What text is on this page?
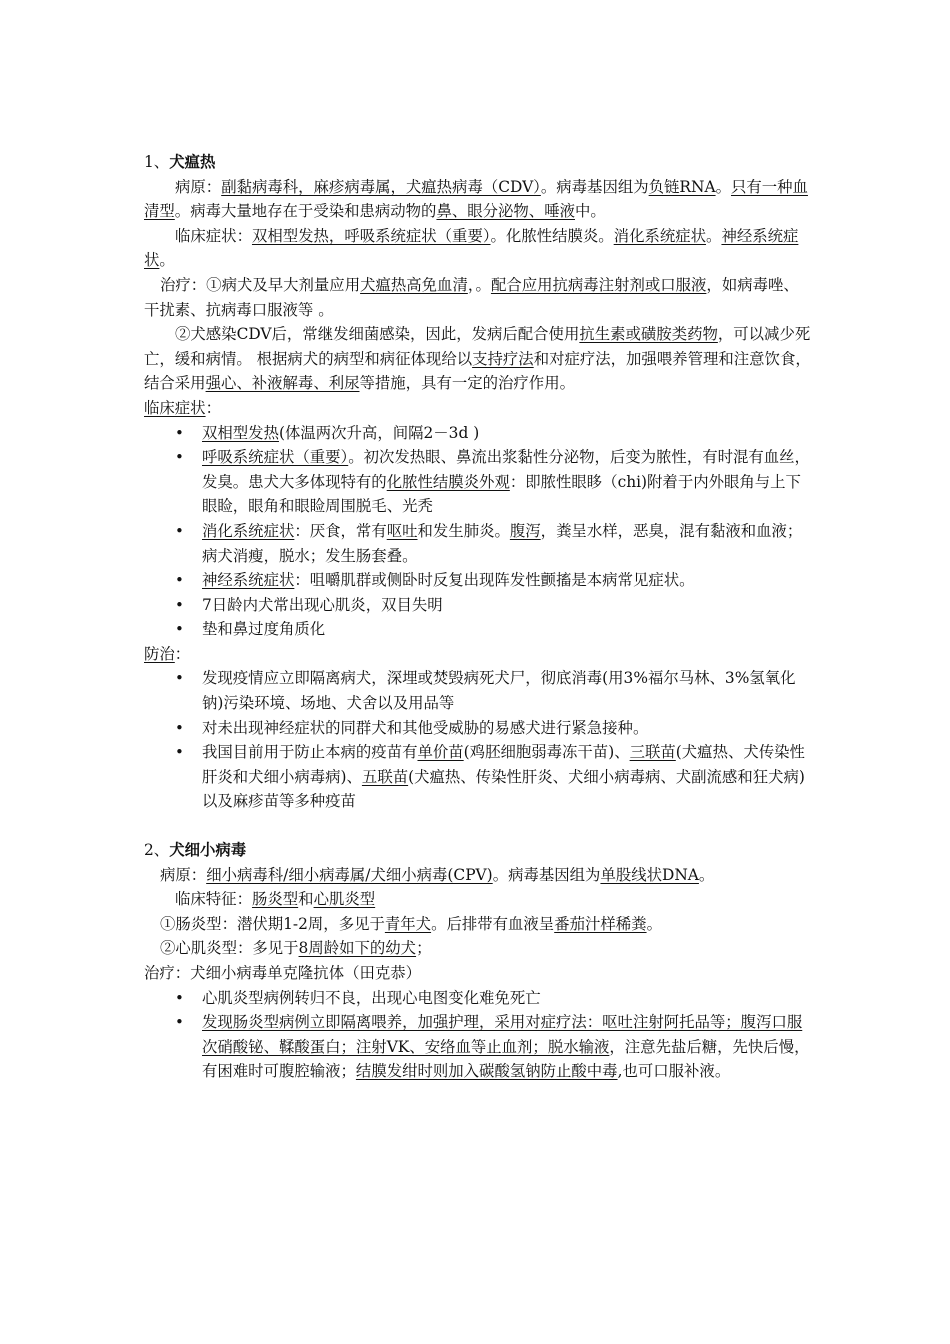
1、犬瘟热

病原：副黏病毒科，麻疹病毒属，犬瘟热病毒（CDV）。病毒基因组为负链RNA。只有一种血清型。病毒大量地存在于受染和患病动物的鼻、眼分泌物、唾液中。

临床症状：双相型发热，呼吸系统症状（重要）。化脓性结膜炎。消化系统症状。神经系统症状。

治疗：①病犬及早大剂量应用犬瘟热高免血清，。配合应用抗病毒注射剂或口服液，如病毒唑、干扰素、抗病毒口服液等 。

②犬感染CDV后，常继发细菌感染，因此，发病后配合使用抗生素或磺胺类药物，可以减少死亡，缓和病情。 根据病犬的病型和病征体现给以支持疗法和对症疗法，加强喂养管理和注意饮食，结合采用强心、补液解毒、利尿等措施，具有一定的治疗作用。

临床症状：

• 双相型发热(体温两次升高，间隔2－3d )
• 呼吸系统症状（重要）。初次发热眼、鼻流出浆黏性分泌物，后变为脓性，有时混有血丝，发臭。患犬大多体现特有的化脓性结膜炎外观：即脓性眼眵（chi)附着于内外眼角与上下眼睑，眼角和眼睑周围脱毛、光秃
• 消化系统症状：厌食，常有呕吐和发生肺炎。腹泻，粪呈水样，恶臭，混有黏液和血液；病犬消瘦，脱水；发生肠套叠。
• 神经系统症状：咀嚼肌群或侧卧时反复出现阵发性颤搐是本病常见症状。
• 7日龄内犬常出现心肌炎，双目失明
• 垫和鼻过度角质化

防治：

• 发现疫情应立即隔离病犬，深埋或焚毁病死犬尸，彻底消毒(用3%福尔马林、3%氢氧化钠)污染环境、场地、犬舍以及用品等
• 对未出现神经症状的同群犬和其他受威胁的易感犬进行紧急接种。
• 我国目前用于防止本病的疫苗有单价苗(鸡胚细胞弱毒冻干苗)、三联苗(犬瘟热、犬传染性肝炎和犬细小病毒病)、五联苗(犬瘟热、传染性肝炎、犬细小病毒病、犬副流感和狂犬病)以及麻疹苗等多种疫苗

2、犬细小病毒

病原：细小病毒科/细小病毒属/犬细小病毒(CPV)。病毒基因组为单股线状DNA。

临床特征：肠炎型和心肌炎型

①肠炎型：潜伏期1-2周，多见于青年犬。后排带有血液呈番茄汁样稀粪。

②心肌炎型：多见于8周龄如下的幼犬；

治疗：犬细小病毒单克隆抗体（田克恭）

• 心肌炎型病例转归不良，出现心电图变化难免死亡
• 发现肠炎型病例立即隔离喂养，加强护理，采用对症疗法：呕吐注射阿托品等；腹泻口服次硝酸铋、鞣酸蛋白；注射VK、安络血等止血剂；脱水输液，注意先盐后糖，先快后慢，有困难时可腹腔输液；结膜发绀时则加入碳酸氢钠防止酸中毒,也可口服补液。
